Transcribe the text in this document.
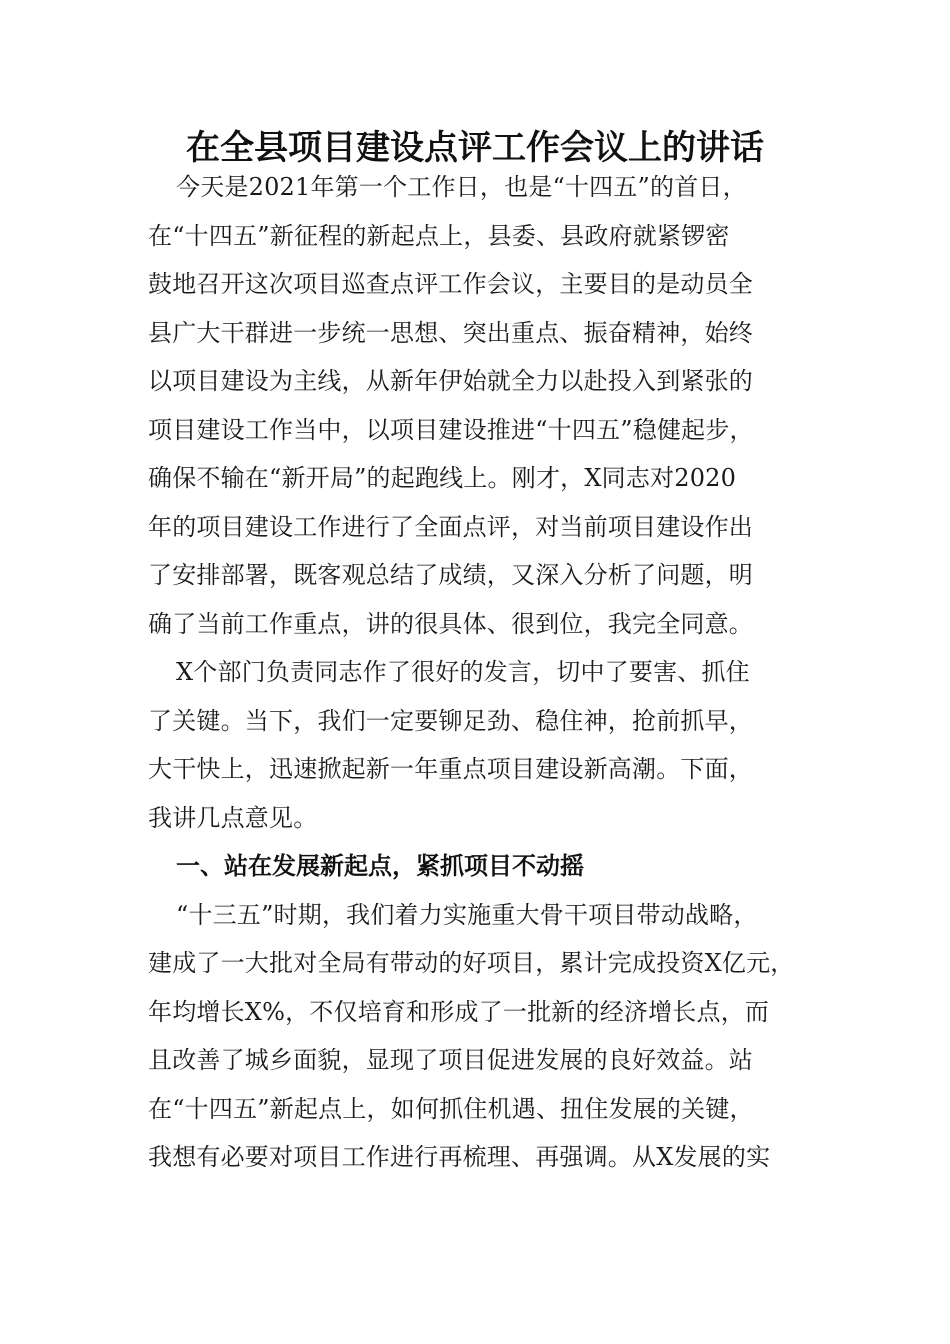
在全县项目建设点评工作会议上的讲话
今天是2021年第一个工作日，也是“十四五”的首日，
在“十四五”新征程的新起点上，县委、县政府就紧锣密
鼓地召开这次项目巡查点评工作会议，主要目的是动员全
县广大干群进一步统一思想、突出重点、振奋精神，始终
以项目建设为主线，从新年伊始就全力以赴投入到紧张的
项目建设工作当中，以项目建设推进“十四五”稳健起步，
确保不输在“新开局”的起跑线上。刚才，X同志对2020
年的项目建设工作进行了全面点评，对当前项目建设作出
了安排部署，既客观总结了成绩，又深入分析了问题，明
确了当前工作重点，讲的很具体、很到位，我完全同意。
X个部门负责同志作了很好的发言，切中了要害、抓住
了关键。当下，我们一定要铆足劲、稳住神，抢前抓早，
大干快上，迅速掀起新一年重点项目建设新高潮。下面，
我讲几点意见。
一、站在发展新起点，紧抓项目不动摇
“十三五”时期，我们着力实施重大骨干项目带动战略，
建成了一大批对全局有带动的好项目，累计完成投资X亿元，
年均增长X%，不仅培育和形成了一批新的经济增长点，而
且改善了城乡面貌，显现了项目促进发展的良好效益。站
在“十四五”新起点上，如何抓住机遇、扭住发展的关键，
我想有必要对项目工作进行再梳理、再强调。从X发展的实
